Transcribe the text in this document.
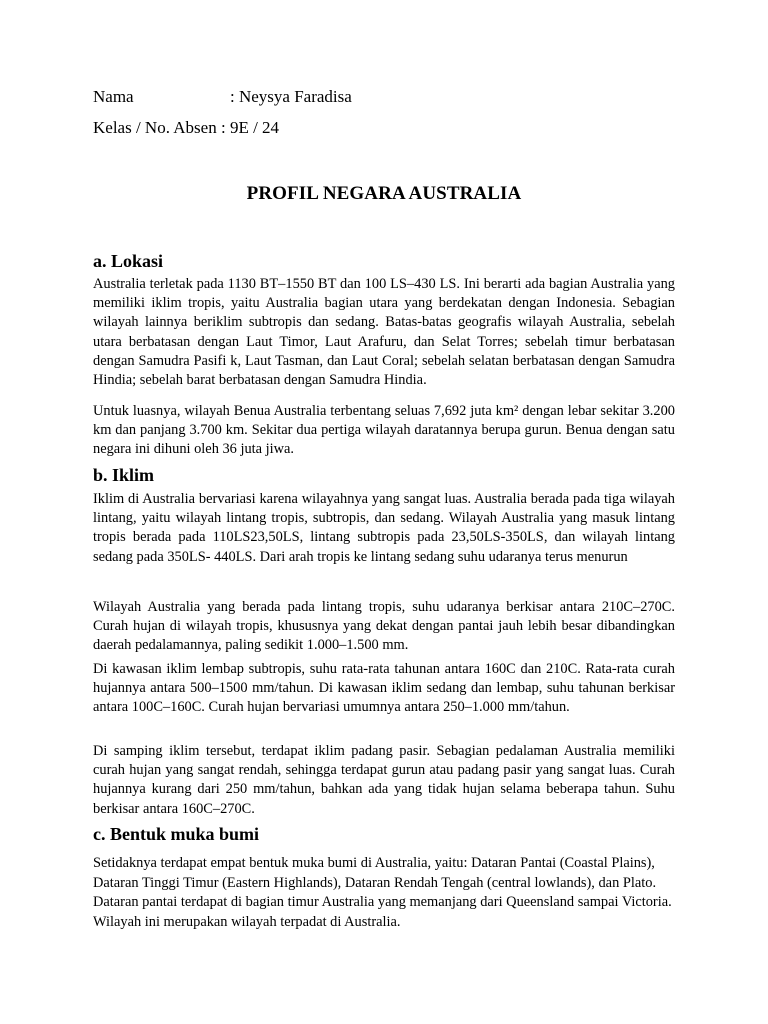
Nama	: Neysya Faradisa
Kelas / No. Absen : 9E / 24
PROFIL NEGARA AUSTRALIA
a. Lokasi
Australia terletak pada 1130 BT–1550 BT dan 100 LS–430 LS. Ini berarti ada bagian Australia yang memiliki iklim tropis, yaitu Australia bagian utara yang berdekatan dengan Indonesia. Sebagian wilayah lainnya beriklim subtropis dan sedang. Batas-batas geografis wilayah Australia, sebelah utara berbatasan dengan Laut Timor, Laut Arafuru, dan Selat Torres; sebelah timur berbatasan dengan Samudra Pasifi k, Laut Tasman, dan Laut Coral; sebelah selatan berbatasan dengan Samudra Hindia; sebelah barat berbatasan dengan Samudra Hindia.
Untuk luasnya, wilayah Benua Australia terbentang seluas 7,692 juta km² dengan lebar sekitar 3.200 km dan panjang 3.700 km. Sekitar dua pertiga wilayah daratannya berupa gurun. Benua dengan satu negara ini dihuni oleh 36 juta jiwa.
b. Iklim
Iklim di Australia bervariasi karena wilayahnya yang sangat luas. Australia berada pada tiga wilayah lintang, yaitu wilayah lintang tropis, subtropis, dan sedang. Wilayah Australia yang masuk lintang tropis berada pada 110LS23,50LS, lintang subtropis pada 23,50LS-350LS, dan wilayah lintang sedang pada 350LS- 440LS. Dari arah tropis ke lintang sedang suhu udaranya terus menurun
Wilayah Australia yang berada pada lintang tropis, suhu udaranya berkisar antara 210C–270C. Curah hujan di wilayah tropis, khususnya yang dekat dengan pantai jauh lebih besar dibandingkan daerah pedalamannya, paling sedikit 1.000–1.500 mm.
Di kawasan iklim lembap subtropis, suhu rata-rata tahunan antara 160C dan 210C. Rata-rata curah hujannya antara 500–1500 mm/tahun. Di kawasan iklim sedang dan lembap, suhu tahunan berkisar antara 100C–160C. Curah hujan bervariasi umumnya antara 250–1.000 mm/tahun.
Di samping iklim tersebut, terdapat iklim padang pasir. Sebagian pedalaman Australia memiliki curah hujan yang sangat rendah, sehingga terdapat gurun atau padang pasir yang sangat luas. Curah hujannya kurang dari 250 mm/tahun, bahkan ada yang tidak hujan selama beberapa tahun. Suhu berkisar antara 160C–270C.
c. Bentuk muka bumi
Setidaknya terdapat empat bentuk muka bumi di Australia, yaitu: Dataran Pantai (Coastal Plains), Dataran Tinggi Timur (Eastern Highlands), Dataran Rendah Tengah (central lowlands), dan Plato. Dataran pantai terdapat di bagian timur Australia yang memanjang dari Queensland sampai Victoria. Wilayah ini merupakan wilayah terpadat di Australia.
